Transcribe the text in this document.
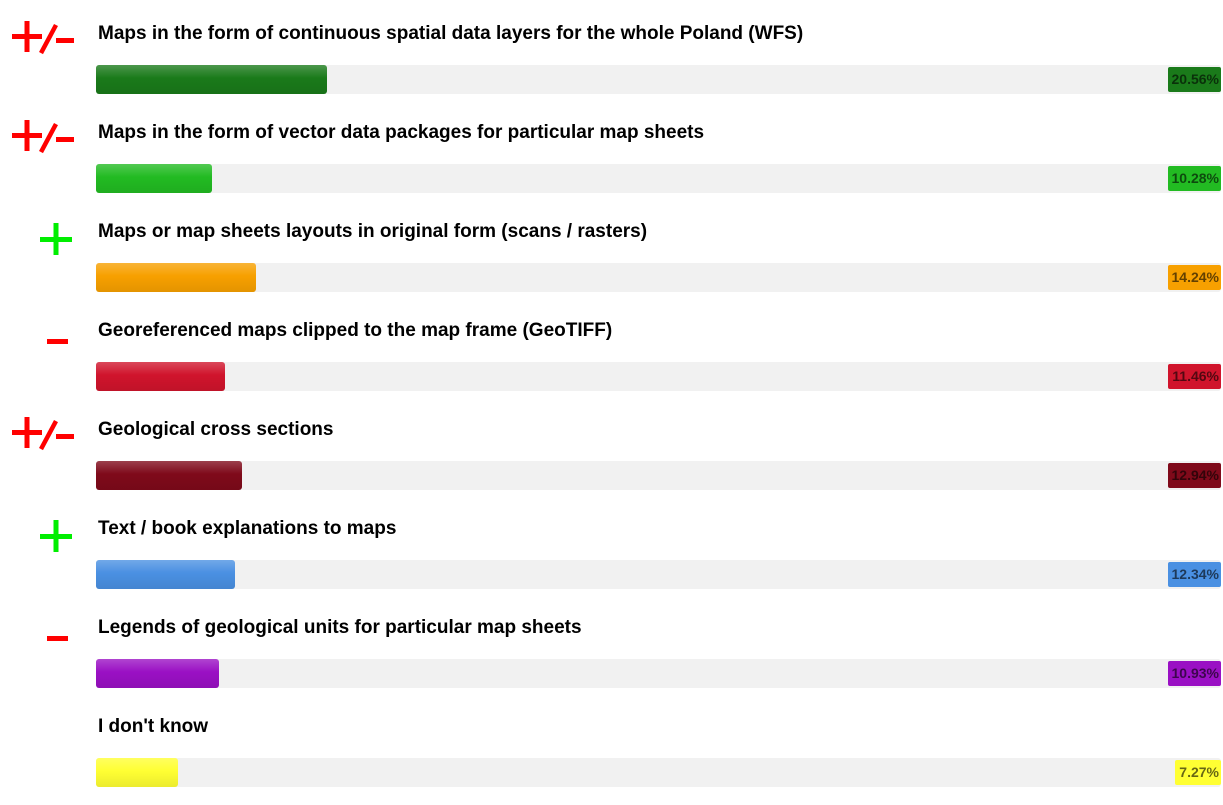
Maps in the form of continuous spatial data layers for the whole Poland (WFS)
20.56%
Maps in the form of vector data packages for particular map sheets
10.28%
Maps or map sheets layouts in original form (scans / rasters)
14.24%
Georeferenced maps clipped to the map frame (GeoTIFF)
11.46%
Geological cross sections
12.94%
Text / book explanations to maps
12.34%
Legends of geological units for particular map sheets
10.93%
I don't know
7.27%
